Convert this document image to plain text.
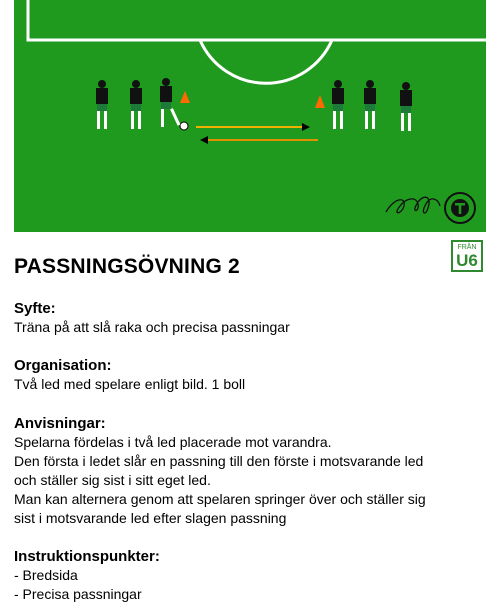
FRÅN
U6
PASSNINGSÖVNING 2
Syfte:

Träna på att slå raka och precisa passningar

Organisation:

Två led med spelare enligt bild. 1 boll

Anvisningar:

Spelarna fördelas i två led placerade mot varandra.

Den första i ledet slår en passning till den förste i motsvarande led

och ställer sig sist i sitt eget led.

Man kan alternera genom att spelaren springer över och ställer sig

sist i motsvarande led efter slagen passning

Instruktionspunkter:

- Bredsida

- Precisa passningar
